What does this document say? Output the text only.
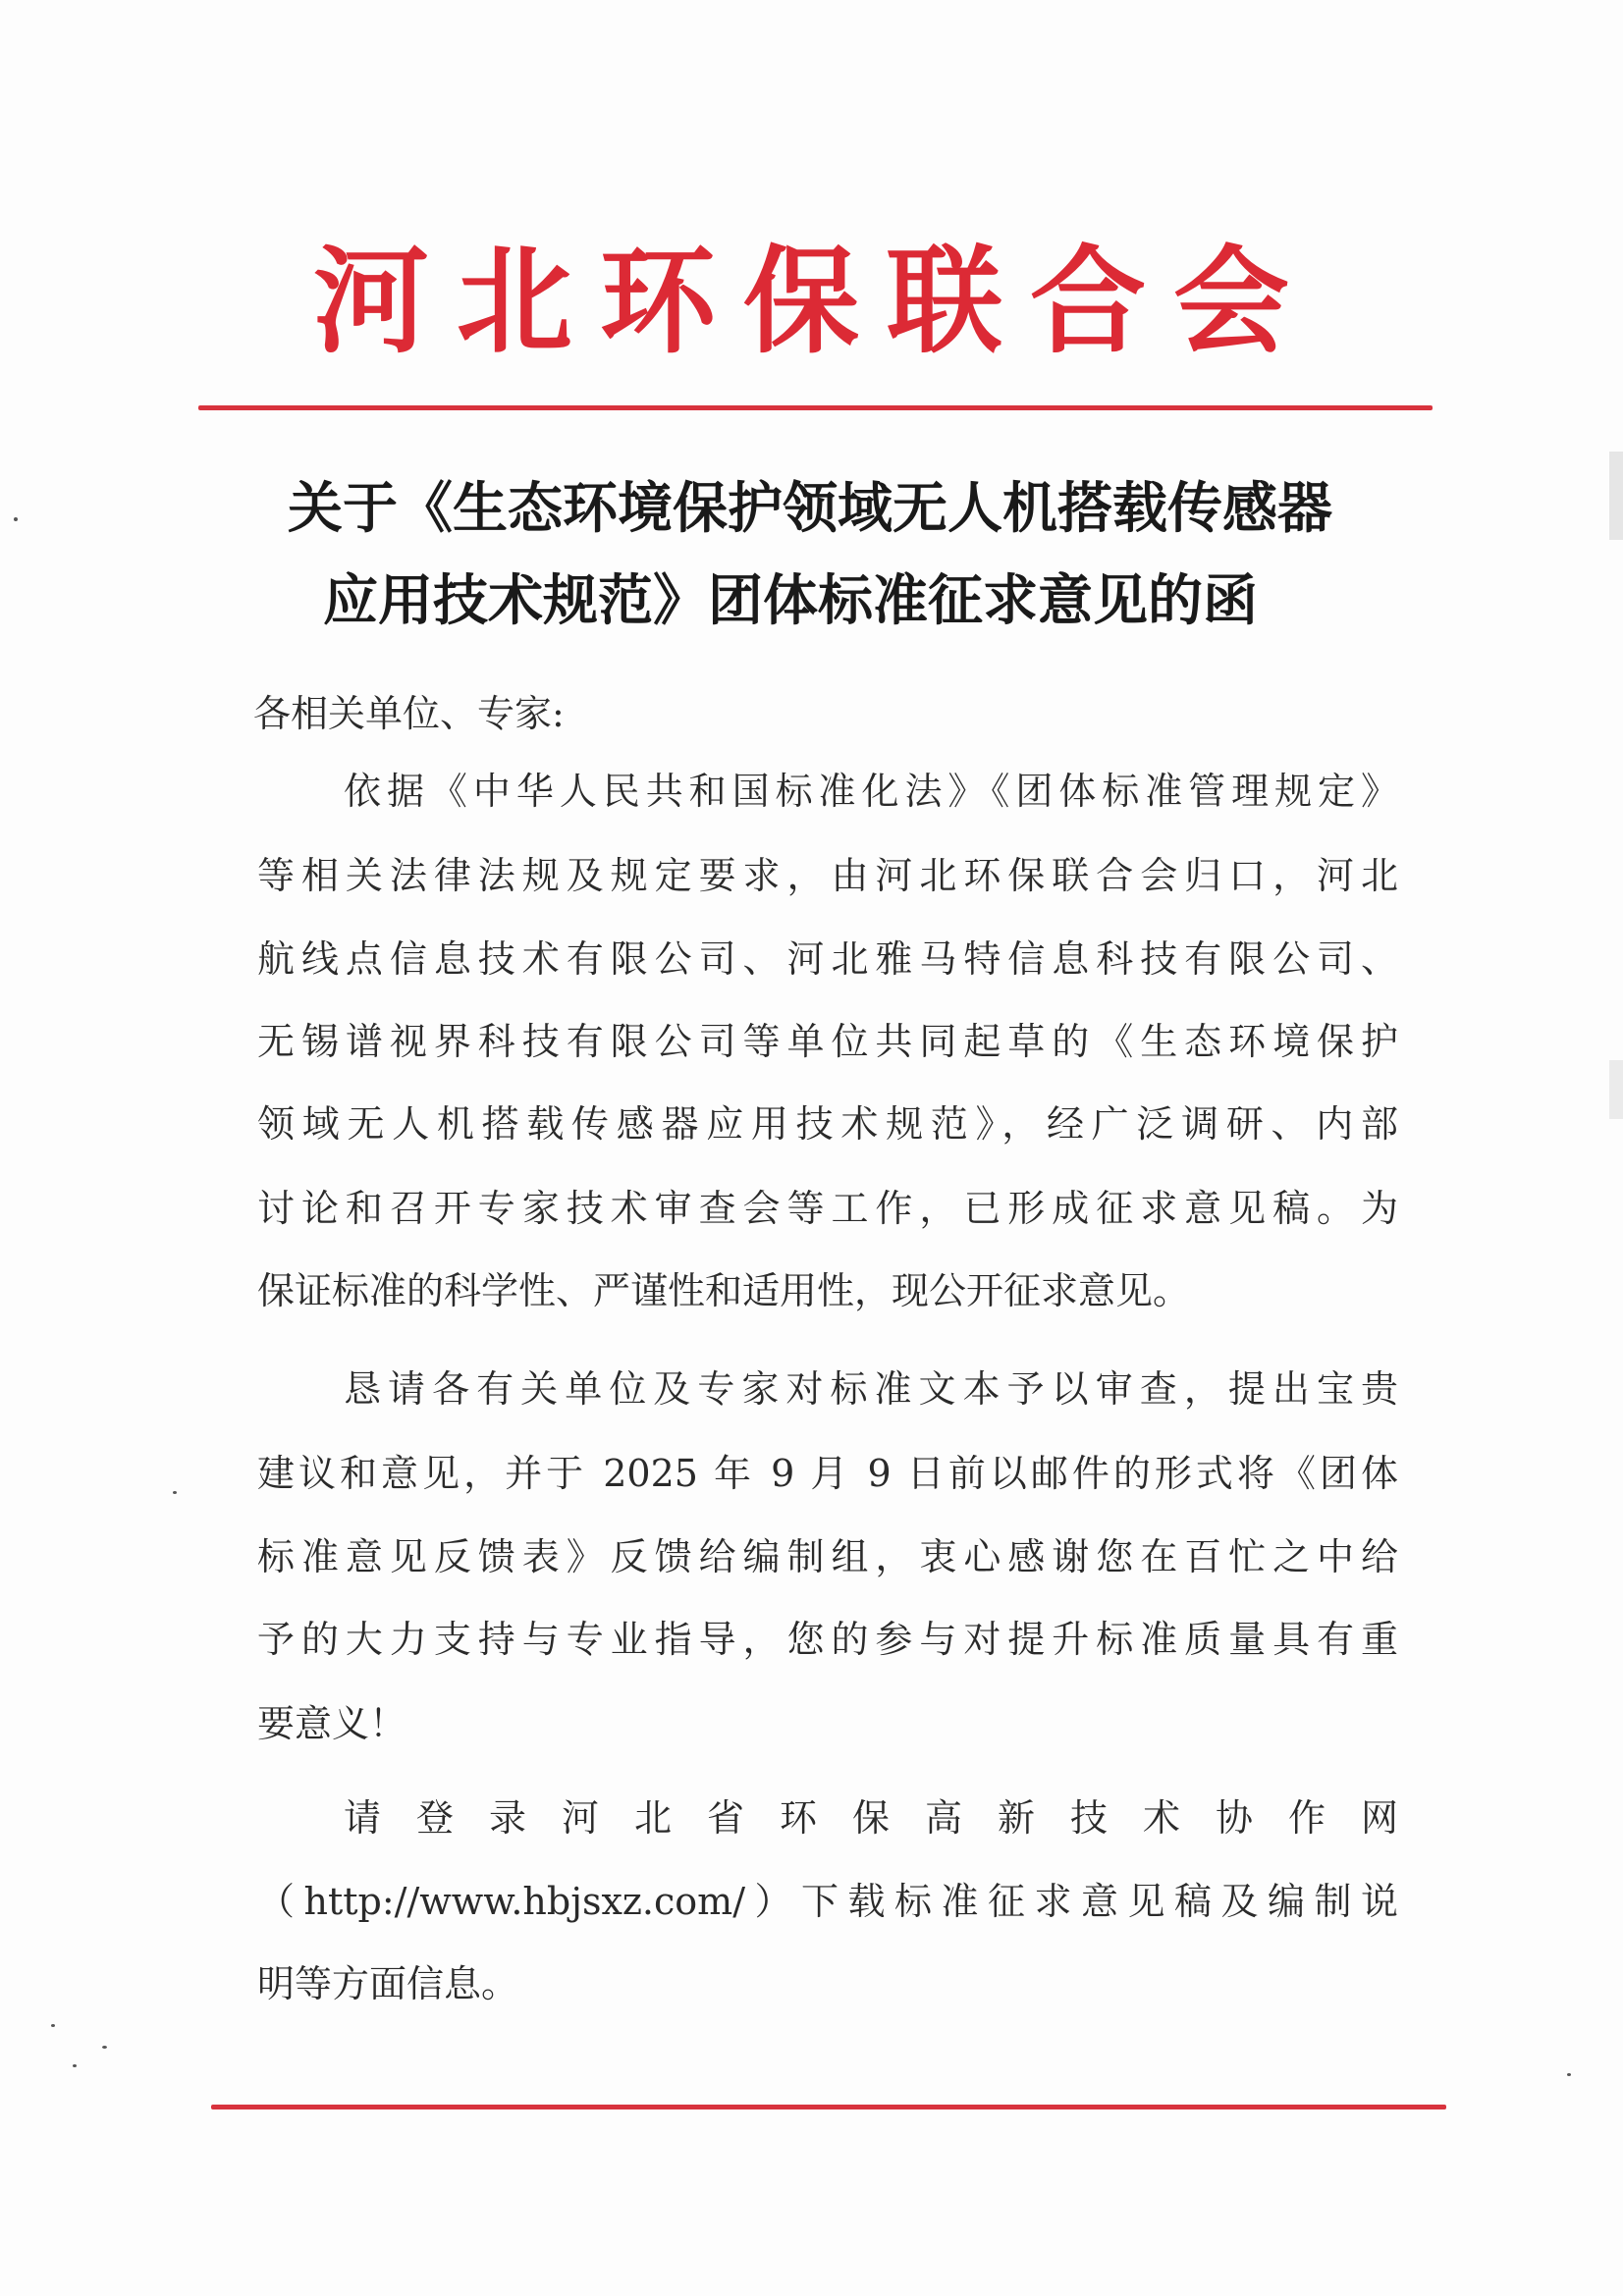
河北环保联合会
关于《生态环境保护领域无人机搭载传感器
应用技术规范》团体标准征求意见的函
各相关单位、专家:
依据《中华人民共和国标准化法》《团体标准管理规定》
等相关法律法规及规定要求，由河北环保联合会归口，河北
航线点信息技术有限公司、河北雅马特信息科技有限公司、
无锡谱视界科技有限公司等单位共同起草的《生态环境保护
领域无人机搭载传感器应用技术规范》，经广泛调研、内部
讨论和召开专家技术审查会等工作，已形成征求意见稿。为
保证标准的科学性、严谨性和适用性，现公开征求意见。
恳请各有关单位及专家对标准文本予以审查，提出宝贵
建议和意见，并于 2025 年 9 月 9 日前以邮件的形式将《团体
标准意见反馈表》反馈给编制组，衷心感谢您在百忙之中给
予的大力支持与专业指导，您的参与对提升标准质量具有重
要意义！
请登录河北省环保高新技术协作网
（http://www.hbjsxz.com/）下载标准征求意见稿及编制说
明等方面信息。
